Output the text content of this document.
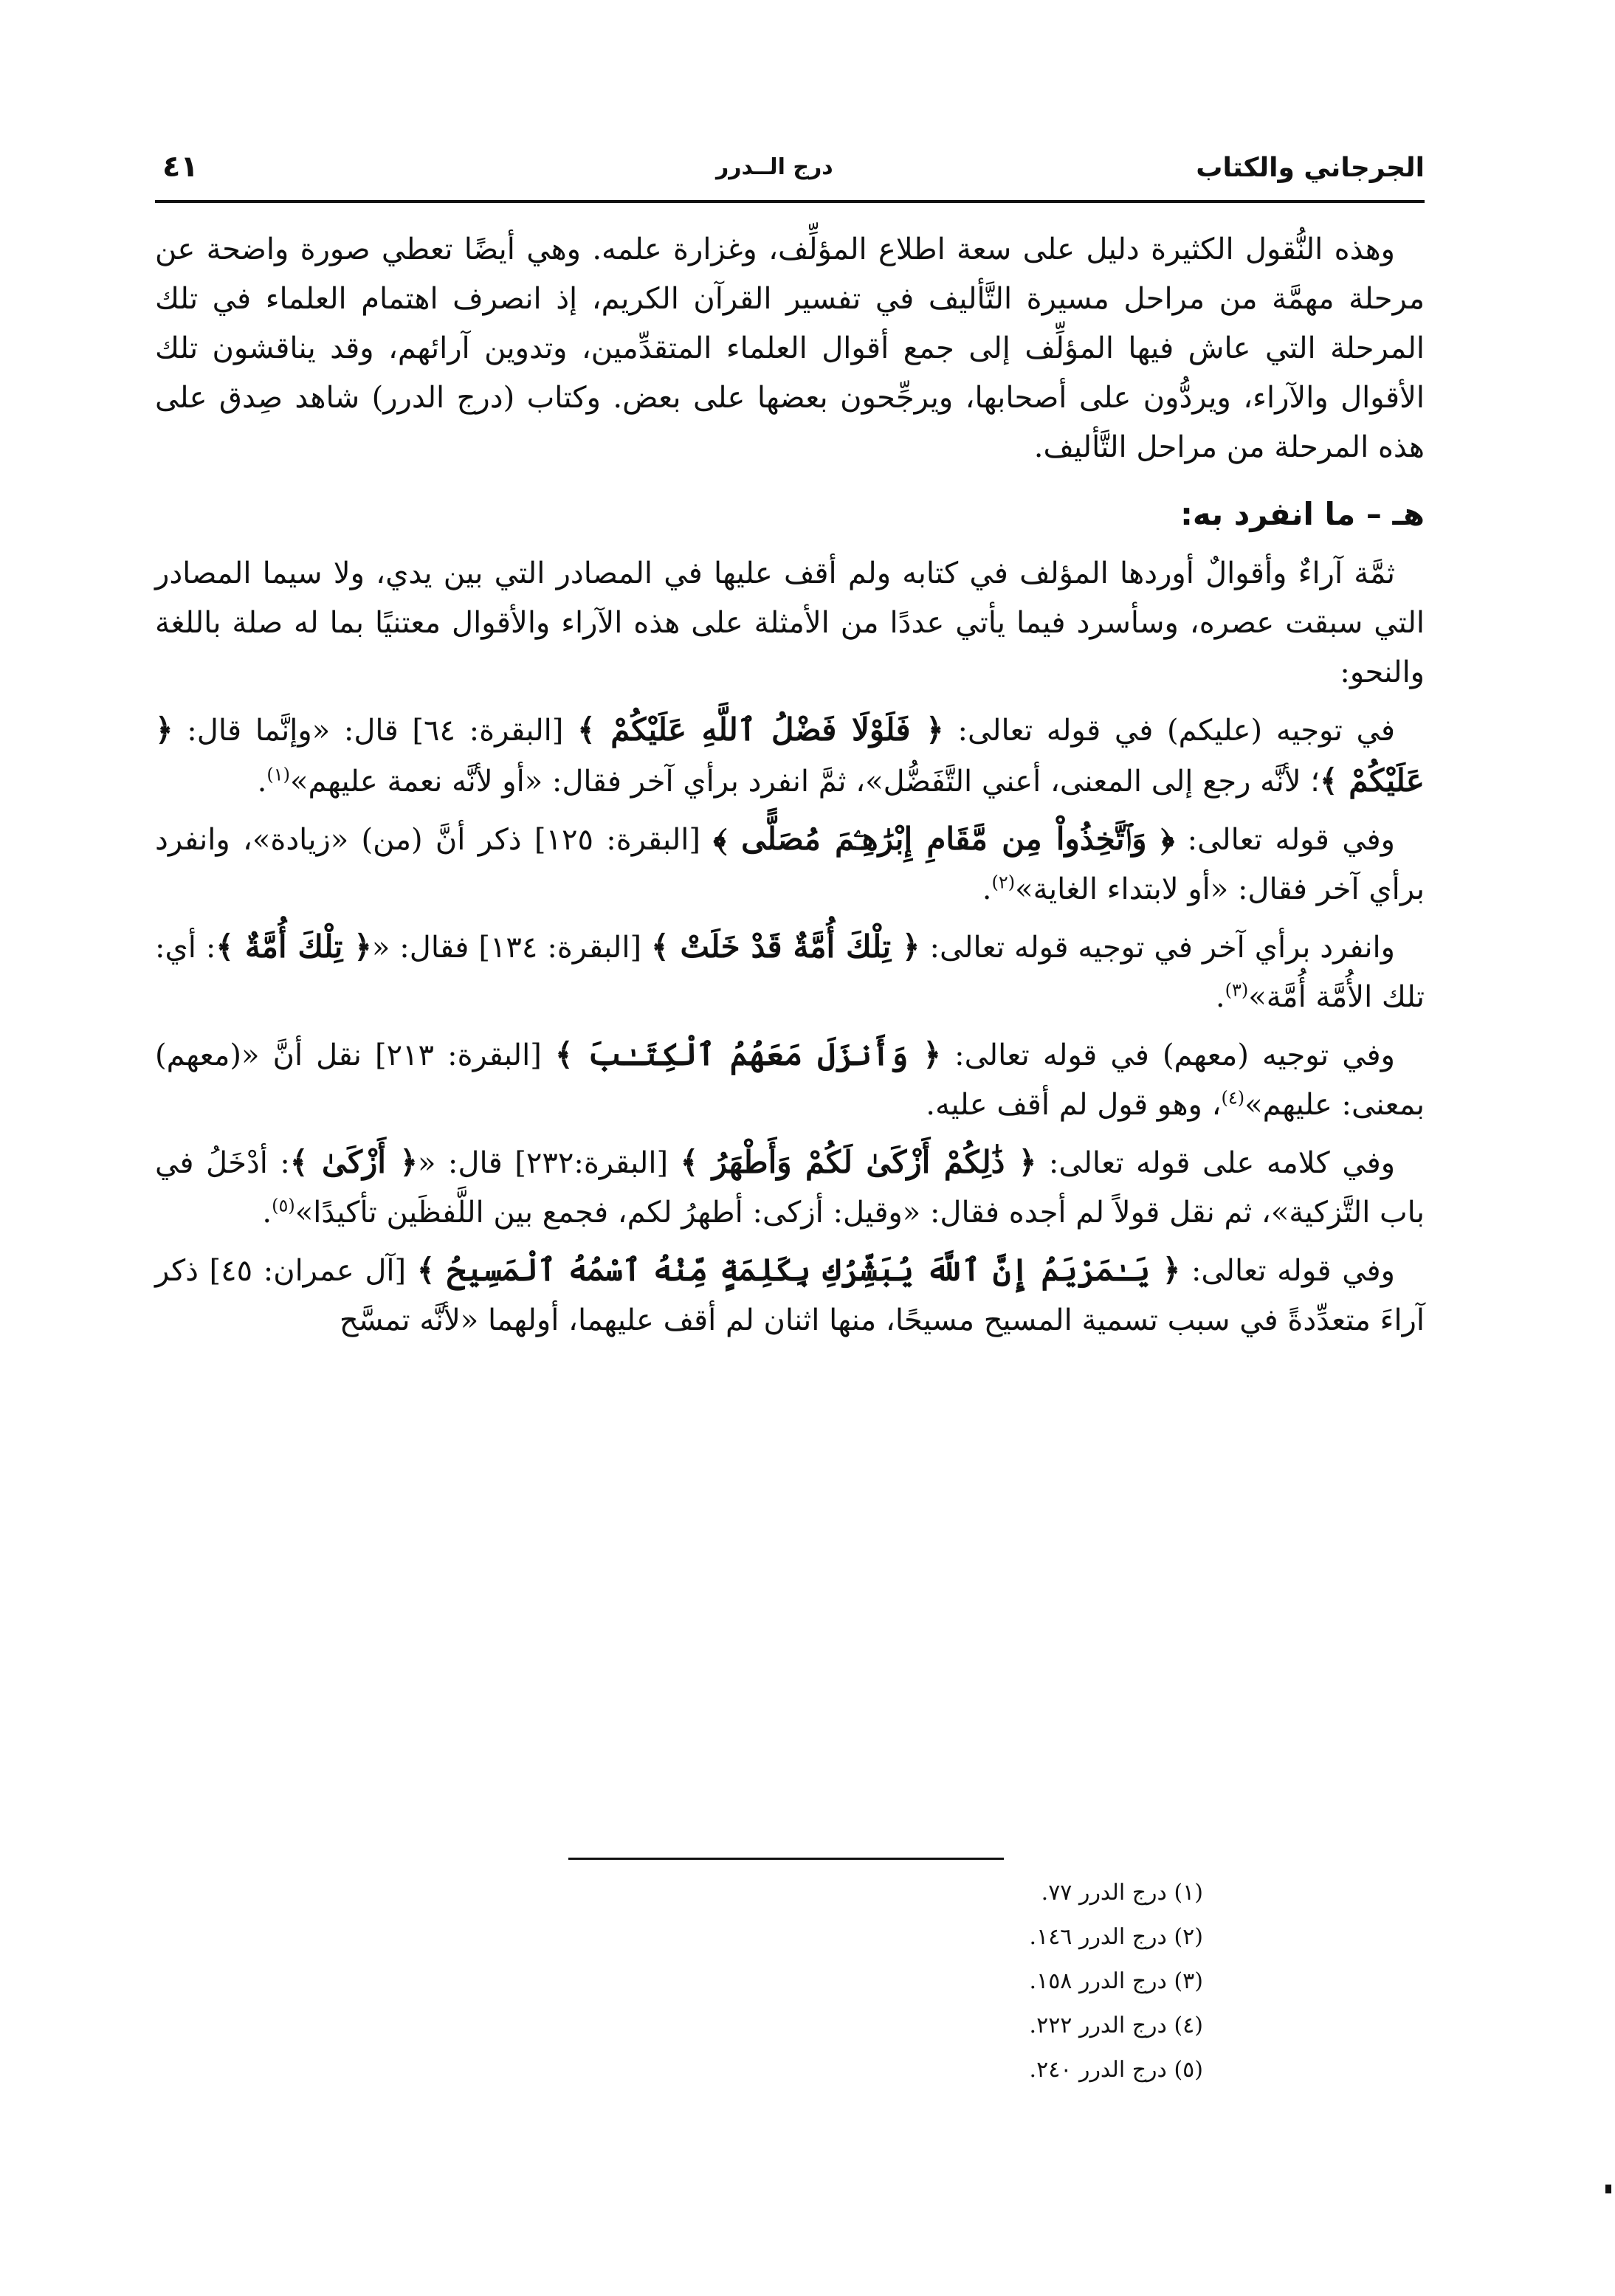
الجرجاني والكتاب
درج الــدرر
٤١

وهذه النُّقول الكثيرة دليل على سعة اطلاع المؤلِّف، وغزارة علمه. وهي أيضًا تعطي صورة واضحة عن مرحلة مهمَّة من مراحل مسيرة التَّأليف في تفسير القرآن الكريم، إذ انصرف اهتمام العلماء في تلك المرحلة التي عاش فيها المؤلِّف إلى جمع أقوال العلماء المتقدِّمين، وتدوين آرائهم، وقد يناقشون تلك الأقوال والآراء، ويردُّون على أصحابها، ويرجِّحون بعضها على بعض. وكتاب (درج الدرر) شاهد صِدق على هذه المرحلة من مراحل التَّأليف.

هـ – ما انفرد به:

ثمَّة آراءٌ وأقوالٌ أوردها المؤلف في كتابه ولم أقف عليها في المصادر التي بين يدي، ولا سيما المصادر التي سبقت عصره، وسأسرد فيما يأتي عددًا من الأمثلة على هذه الآراء والأقوال معتنيًا بما له صلة باللغة والنحو:

في توجيه (عليكم) في قوله تعالى: ﴿ فَلَوْلَا فَضْلُ ٱللَّهِ عَلَيْكُمْ ﴾ [البقرة: ٦٤] قال: «وإنَّما قال: ﴿ عَلَيْكُمْ ﴾؛ لأنَّه رجع إلى المعنى، أعني التَّفَضُّل»، ثمَّ انفرد برأي آخر فقال: «أو لأنَّه نعمة عليهم»$^{(١)}$.

وفي قوله تعالى: ﴿ وَٱتَّخِذُواْ مِن مَّقَامِ إِبْرَٰهِـۧمَ مُصَلًّى ﴾ [البقرة: ١٢٥] ذكر أنَّ (من) «زيادة»، وانفرد برأي آخر فقال: «أو لابتداء الغاية»$^{(٢)}$.

وانفرد برأي آخر في توجيه قوله تعالى: ﴿ تِلْكَ أُمَّةٌ قَدْ خَلَتْ ﴾ [البقرة: ١٣٤] فقال: «﴿ تِلْكَ أُمَّةٌ ﴾: أي: تلك الأُمَّة أُمَّة»$^{(٣)}$.

وفي توجيه (معهم) في قوله تعالى: ﴿ وَأَنزَلَ مَعَهُمُ ٱلْكِتَـٰبَ ﴾ [البقرة: ٢١٣] نقل أنَّ «(معهم) بمعنى: عليهم»$^{(٤)}$، وهو قول لم أقف عليه.

وفي كلامه على قوله تعالى: ﴿ ذَٰلِكُمْ أَزْكَىٰ لَكُمْ وَأَطْهَرُ ﴾ [البقرة:٢٣٢] قال: «﴿ أَزْكَىٰ ﴾: أدْخَلُ في باب التَّزكية»، ثم نقل قولاً لم أجده فقال: «وقيل: أزكى: أطهرُ لكم، فجمع بين اللَّفظَين تأكيدًا»$^{(٥)}$.

وفي قوله تعالى: ﴿ يَـٰمَرْيَمُ إِنَّ ٱللَّهَ يُبَشِّرُكِ بِكَلِمَةٍ مِّنْهُ ٱسْمُهُ ٱلْمَسِيحُ ﴾ [آل عمران: ٤٥] ذكر آراءَ متعدِّدةً في سبب تسمية المسيح مسيحًا، منها اثنان لم أقف عليهما، أولهما «لأنَّه تمسَّح

(١) درج الدرر ٧٧.

(٢) درج الدرر ١٤٦.

(٣) درج الدرر ١٥٨.

(٤) درج الدرر ٢٢٢.

(٥) درج الدرر ٢٤٠.
